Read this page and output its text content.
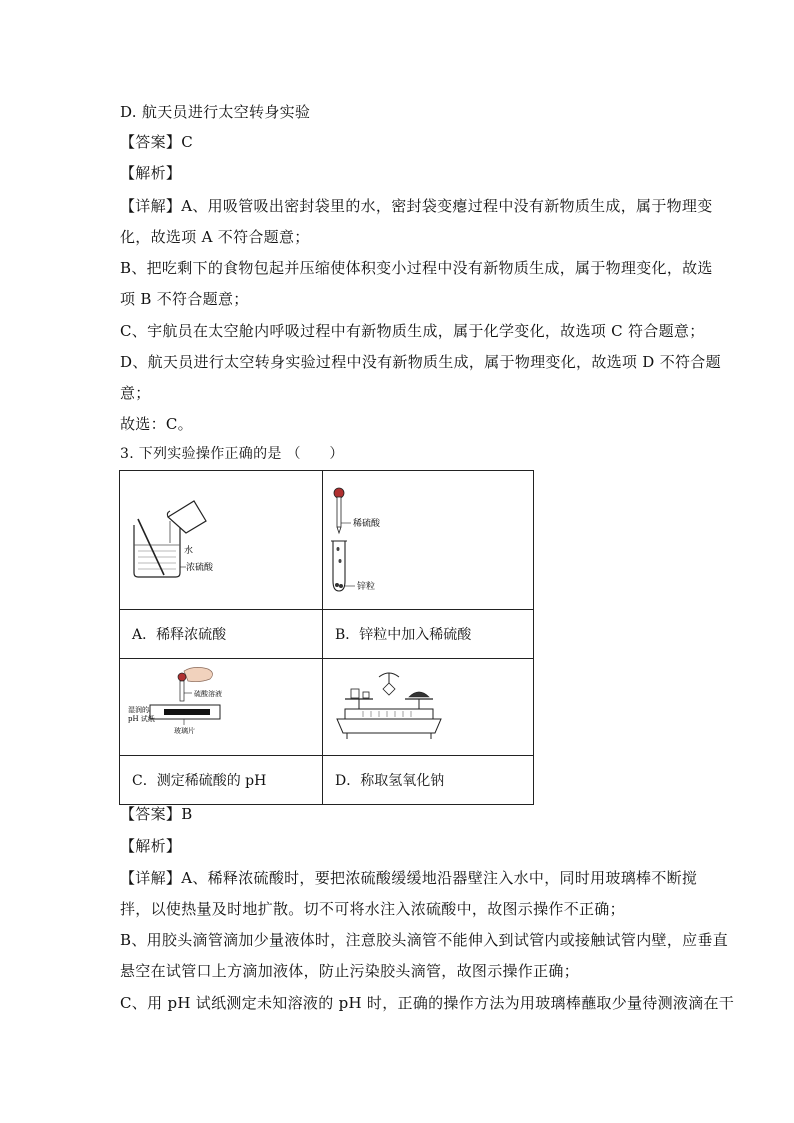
D. 航天员进行太空转身实验
【答案】C
【解析】
【详解】A、用吸管吸出密封袋里的水，密封袋变瘪过程中没有新物质生成，属于物理变
化，故选项 A 不符合题意；
B、把吃剩下的食物包起并压缩使体积变小过程中没有新物质生成，属于物理变化，故选
项 B 不符合题意；
C、宇航员在太空舱内呼吸过程中有新物质生成，属于化学变化，故选项 C 符合题意；
D、航天员进行太空转身实验过程中没有新物质生成，属于物理变化，故选项 D 不符合题
意；
故选：C。
3. 下列实验操作正确的是 （　　）
水
浓硫酸	稀硫酸
锌粒

A．稀释浓硫酸	B．锌粒中加入稀硫酸

硫酸溶液
湿润的
pH 试纸
玻璃片

C．测定稀硫酸的 pH	D．称取氢氧化钠
【答案】B
【解析】
【详解】A、稀释浓硫酸时，要把浓硫酸缓缓地沿器壁注入水中，同时用玻璃棒不断搅
拌，以使热量及时地扩散。切不可将水注入浓硫酸中，故图示操作不正确；
B、用胶头滴管滴加少量液体时，注意胶头滴管不能伸入到试管内或接触试管内壁，应垂直
悬空在试管口上方滴加液体，防止污染胶头滴管，故图示操作正确；
C、用 pH 试纸测定未知溶液的 pH 时，正确的操作方法为用玻璃棒蘸取少量待测液滴在干
